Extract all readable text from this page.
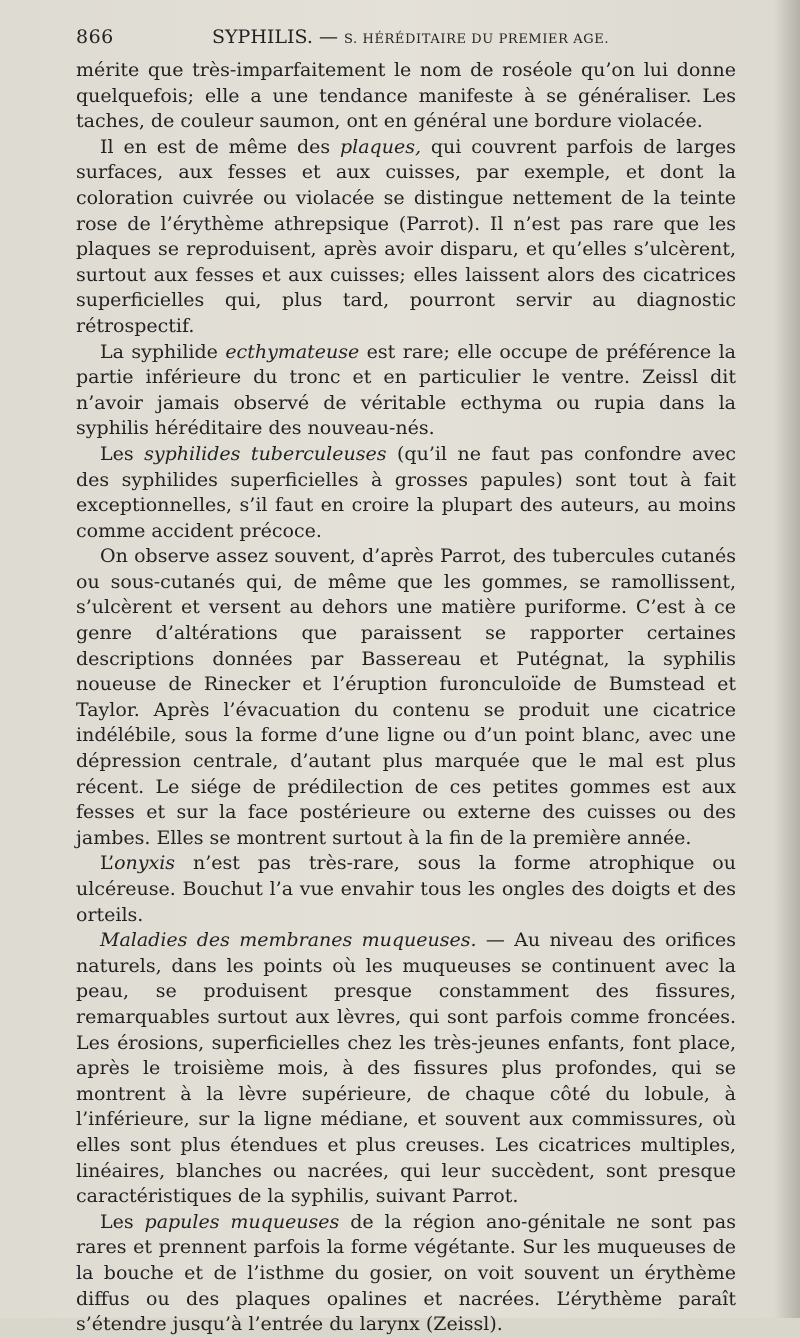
866	SYPHILIS. — S. HÉRÉDITAIRE DU PREMIER AGE.

mérite que très-imparfaitement le nom de roséole qu’on lui donne quelquefois; elle a une tendance manifeste à se généraliser. Les taches, de couleur saumon, ont en général une bordure violacée.

Il en est de même des plaques, qui couvrent parfois de larges surfaces, aux fesses et aux cuisses, par exemple, et dont la coloration cuivrée ou violacée se distingue nettement de la teinte rose de l’érythème athrepsique (Parrot). Il n’est pas rare que les plaques se reproduisent, après avoir disparu, et qu’elles s’ulcèrent, surtout aux fesses et aux cuisses; elles laissent alors des cicatrices superficielles qui, plus tard, pourront servir au diagnostic rétrospectif.

La syphilide ecthymateuse est rare; elle occupe de préférence la partie inférieure du tronc et en particulier le ventre. Zeissl dit n’avoir jamais observé de véritable ecthyma ou rupia dans la syphilis héréditaire des nouveau-nés.

Les syphilides tuberculeuses (qu’il ne faut pas confondre avec des syphilides superficielles à grosses papules) sont tout à fait exceptionnelles, s’il faut en croire la plupart des auteurs, au moins comme accident précoce.

On observe assez souvent, d’après Parrot, des tubercules cutanés ou sous-cutanés qui, de même que les gommes, se ramollissent, s’ulcèrent et versent au dehors une matière puriforme. C’est à ce genre d’altérations que paraissent se rapporter certaines descriptions données par Bassereau et Putégnat, la syphilis noueuse de Rinecker et l’éruption furonculoïde de Bumstead et Taylor. Après l’évacuation du contenu se produit une cicatrice indélébile, sous la forme d’une ligne ou d’un point blanc, avec une dépression centrale, d’autant plus marquée que le mal est plus récent. Le siége de prédilection de ces petites gommes est aux fesses et sur la face postérieure ou externe des cuisses ou des jambes. Elles se montrent surtout à la fin de la première année.

L’onyxis n’est pas très-rare, sous la forme atrophique ou ulcéreuse. Bouchut l’a vue envahir tous les ongles des doigts et des orteils.

Maladies des membranes muqueuses. — Au niveau des orifices naturels, dans les points où les muqueuses se continuent avec la peau, se produisent presque constamment des fissures, remarquables surtout aux lèvres, qui sont parfois comme froncées. Les érosions, superficielles chez les très-jeunes enfants, font place, après le troisième mois, à des fissures plus profondes, qui se montrent à la lèvre supérieure, de chaque côté du lobule, à l’inférieure, sur la ligne médiane, et souvent aux commissures, où elles sont plus étendues et plus creuses. Les cicatrices multiples, linéaires, blanches ou nacrées, qui leur succèdent, sont presque caractéristiques de la syphilis, suivant Parrot.

Les papules muqueuses de la région ano-génitale ne sont pas rares et prennent parfois la forme végétante. Sur les muqueuses de la bouche et de l’isthme du gosier, on voit souvent un érythème diffus ou des plaques opalines et nacrées. L’érythème paraît s’étendre jusqu’à l’entrée du larynx (Zeissl).
